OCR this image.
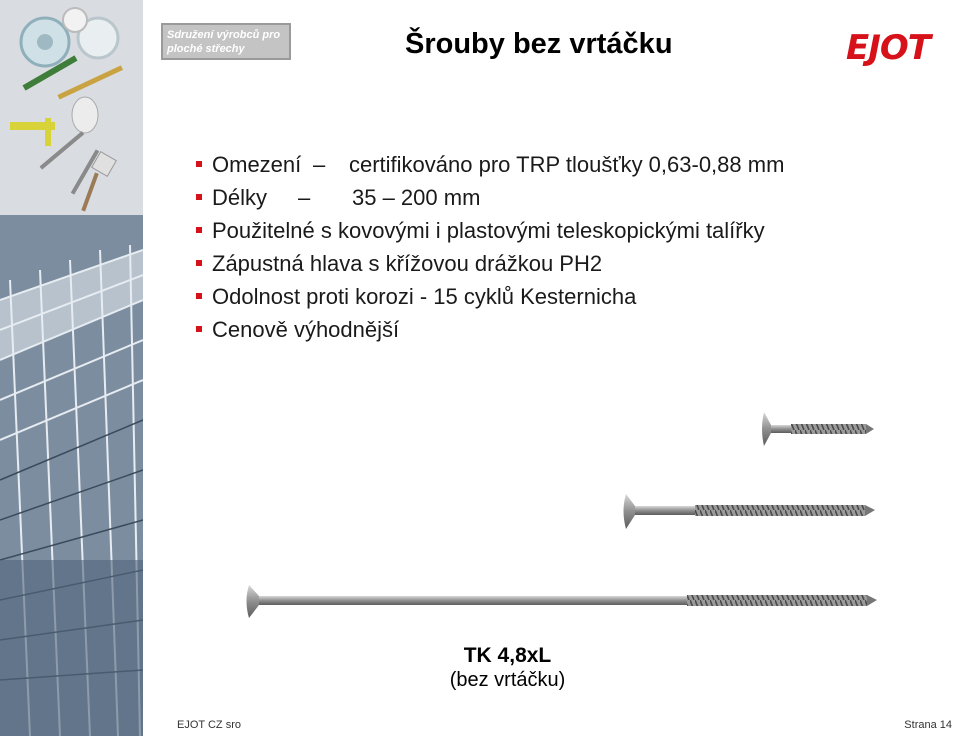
Sdružení výrobců pro
ploché střechy	Šrouby bez vrtáčku	EJOT
Omezení – certifikováno pro TRP tloušťky 0,63-0,88 mm
Délky – 35 – 200 mm
Použitelné s kovovými i plastovými teleskopickými talířky
Zápustná hlava s křížovou drážkou PH2
Odolnost proti korozi - 15 cyklů Kesternicha
Cenově výhodnější
TK 4,8xL
(bez vrtáčku)
EJOT CZ sro	Strana 14
